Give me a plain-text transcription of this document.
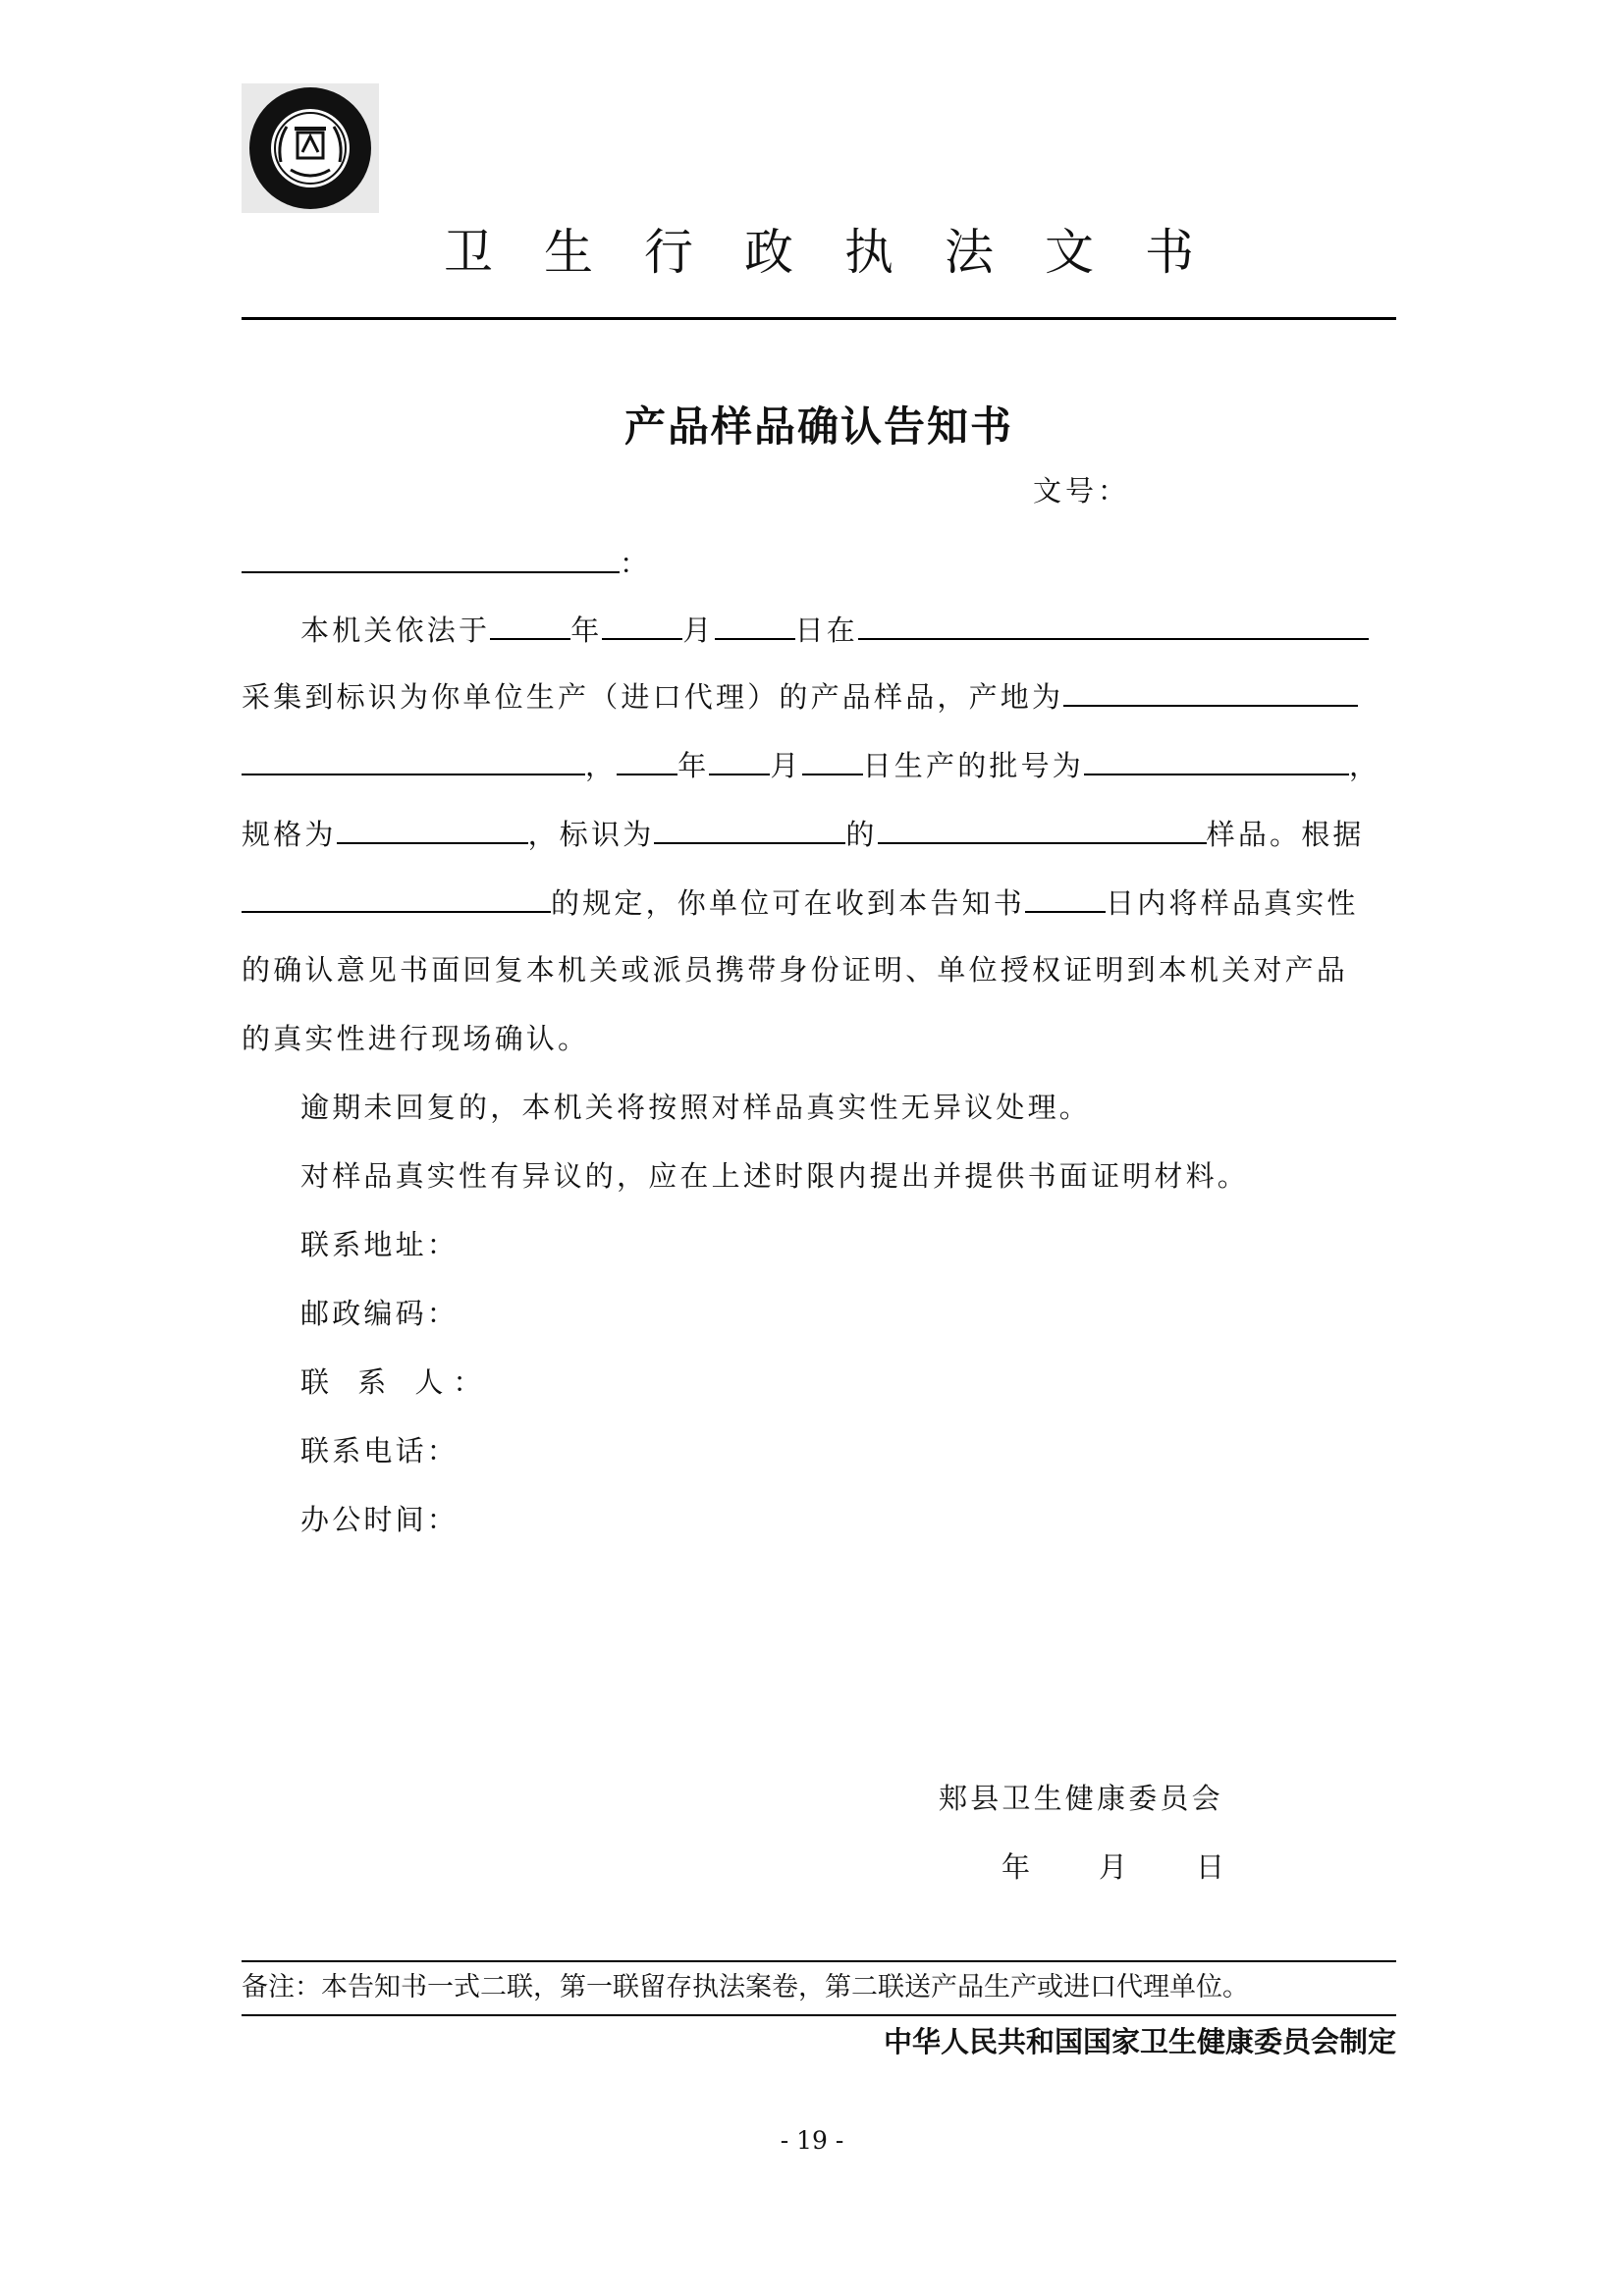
卫生行政执法文书
产品样品确认告知书
文号：
：
本机关依法于	年	月	日在
采集到标识为你单位生产（进口代理）的产品样品，产地为
， 年 月 日生产的批号为	，
规格为	，标识为	的	样品。根据
的规定，你单位可在收到本告知书	日内将样品真实性
的确认意见书面回复本机关或派员携带身份证明、单位授权证明到本机关对产品
的真实性进行现场确认。
逾期未回复的，本机关将按照对样品真实性无异议处理。
对样品真实性有异议的，应在上述时限内提出并提供书面证明材料。
联系地址：
邮政编码：
联 系 人：
联系电话：
办公时间：
郏县卫生健康委员会
年　　月　　日
备注：本告知书一式二联，第一联留存执法案卷，第二联送产品生产或进口代理单位。
中华人民共和国国家卫生健康委员会制定
- 19 -
